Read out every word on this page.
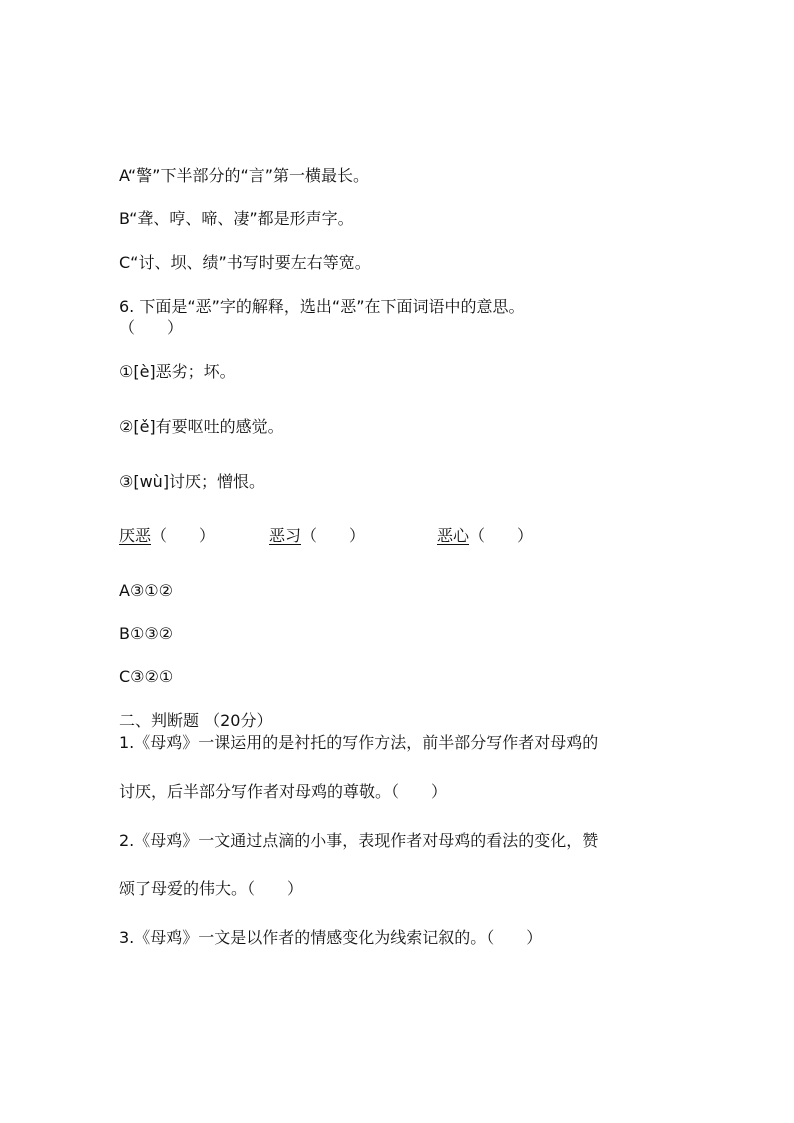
A“警”下半部分的“言”第一横最长。
B“聋、哼、啼、凄”都是形声字。
C“讨、坝、绩”书写时要左右等宽。
6. 下面是“恶”字的解释，选出“恶”在下面词语中的意思。
（　　）
①[è]恶劣；坏。
②[ě]有要呕吐的感觉。
③[wù]讨厌；憎恨。
厌恶（　　）	恶习（　　）	恶心（　　）
A③①②
B①③②
C③②①
二、判断题 （20分）
1.《母鸡》一课运用的是衬托的写作方法，前半部分写作者对母鸡的
讨厌，后半部分写作者对母鸡的尊敬。（　　）
2.《母鸡》一文通过点滴的小事，表现作者对母鸡的看法的变化，赞
颂了母爱的伟大。（　　）
3.《母鸡》一文是以作者的情感变化为线索记叙的。（　　）
